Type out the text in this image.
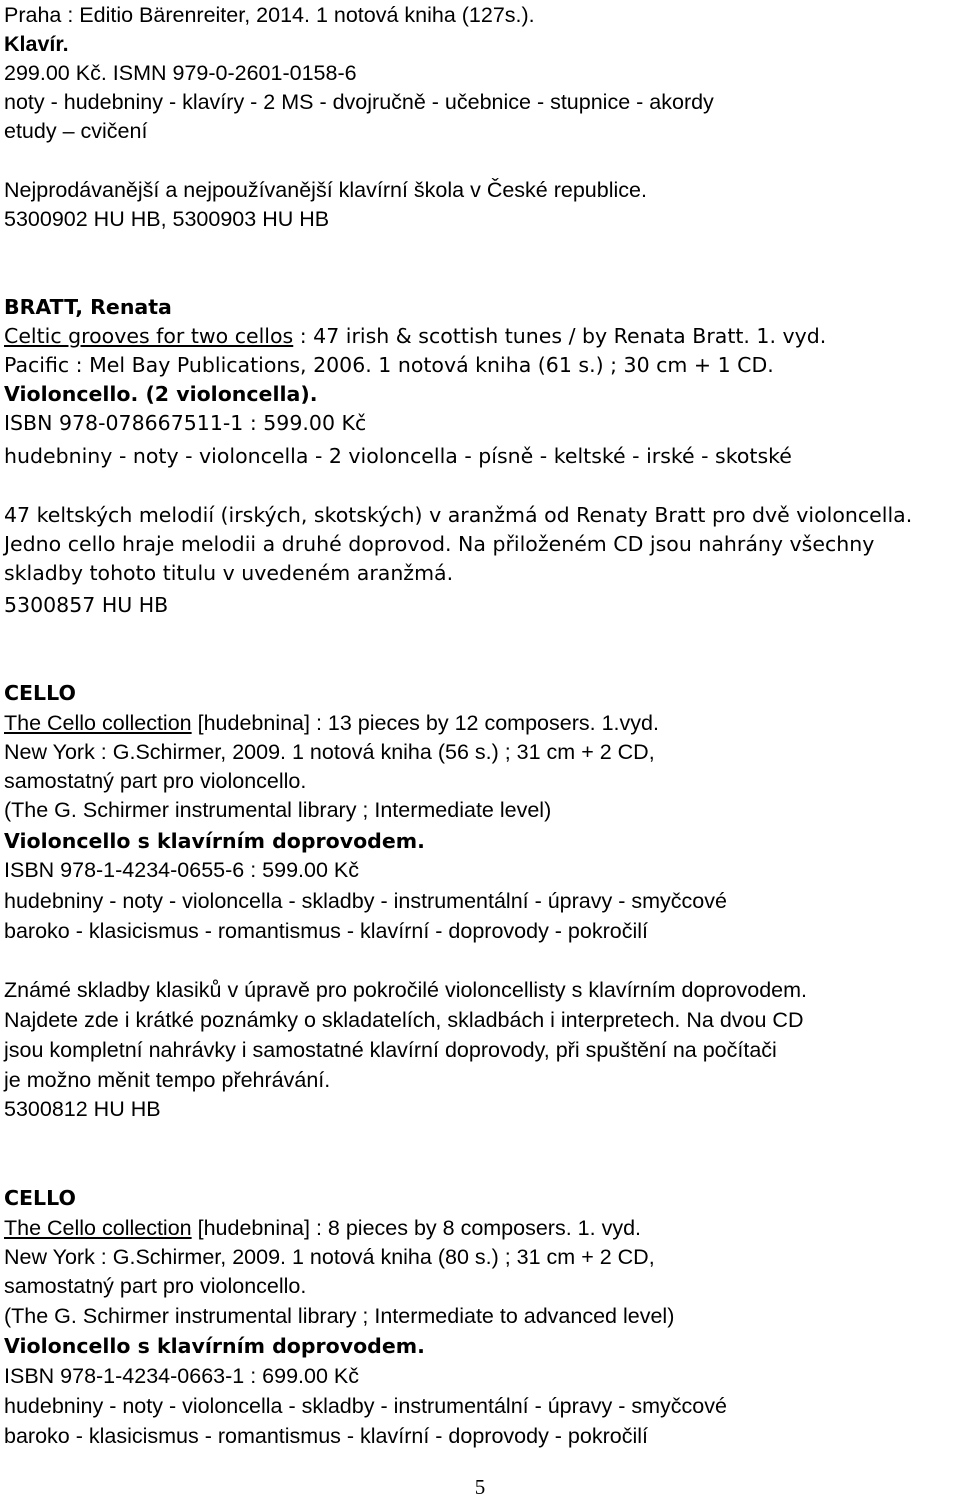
Praha : Editio Bärenreiter, 2014. 1 notová kniha (127s.).
Klavír.
299.00 Kč. ISMN 979-0-2601-0158-6
noty - hudebniny - klavíry - 2 MS - dvojručně - učebnice - stupnice - akordy
etudy – cvičení
Nejprodávanější a nejpoužívanější klavírní škola v České republice.
5300902 HU HB, 5300903 HU HB
BRATT, Renata
Celtic grooves for two cellos : 47 irish & scottish tunes / by Renata Bratt. 1. vyd.
Pacific : Mel Bay Publications, 2006. 1 notová kniha (61 s.) ; 30 cm + 1 CD.
Violoncello. (2 violoncella).
ISBN 978-078667511-1 : 599.00 Kč
hudebniny - noty - violoncella - 2 violoncella - písně - keltské - irské - skotské
47 keltských melodií (irských, skotských) v aranžmá od Renaty Bratt pro dvě violoncella.
Jedno cello hraje melodii a druhé doprovod. Na přiloženém CD jsou nahrány všechny
skladby tohoto titulu v uvedeném aranžmá.
5300857 HU HB
CELLO
The Cello collection [hudebnina] : 13 pieces by 12 composers. 1.vyd.
New York : G.Schirmer, 2009. 1 notová kniha (56 s.) ; 31 cm + 2 CD,
samostatný part pro violoncello.
(The G. Schirmer instrumental library ; Intermediate level)
Violoncello s klavírním doprovodem.
ISBN 978-1-4234-0655-6 : 599.00 Kč
hudebniny - noty - violoncella - skladby - instrumentální - úpravy - smyčcové
baroko - klasicismus - romantismus - klavírní - doprovody - pokročilí
Známé skladby klasiků v úpravě pro pokročilé violoncellisty s klavírním doprovodem.
Najdete zde i krátké poznámky o skladatelích, skladbách i interpretech. Na dvou CD
jsou kompletní nahrávky i samostatné klavírní doprovody, při spuštění na počítači
je možno měnit tempo přehrávání.
5300812 HU HB
CELLO
The Cello collection [hudebnina] : 8 pieces by 8 composers. 1. vyd.
New York : G.Schirmer, 2009. 1 notová kniha (80 s.) ; 31 cm + 2 CD,
samostatný part pro violoncello.
(The G. Schirmer instrumental library ; Intermediate to advanced level)
Violoncello s klavírním doprovodem.
ISBN 978-1-4234-0663-1 : 699.00 Kč
hudebniny - noty - violoncella - skladby - instrumentální - úpravy - smyčcové
baroko - klasicismus - romantismus - klavírní - doprovody - pokročilí
5
